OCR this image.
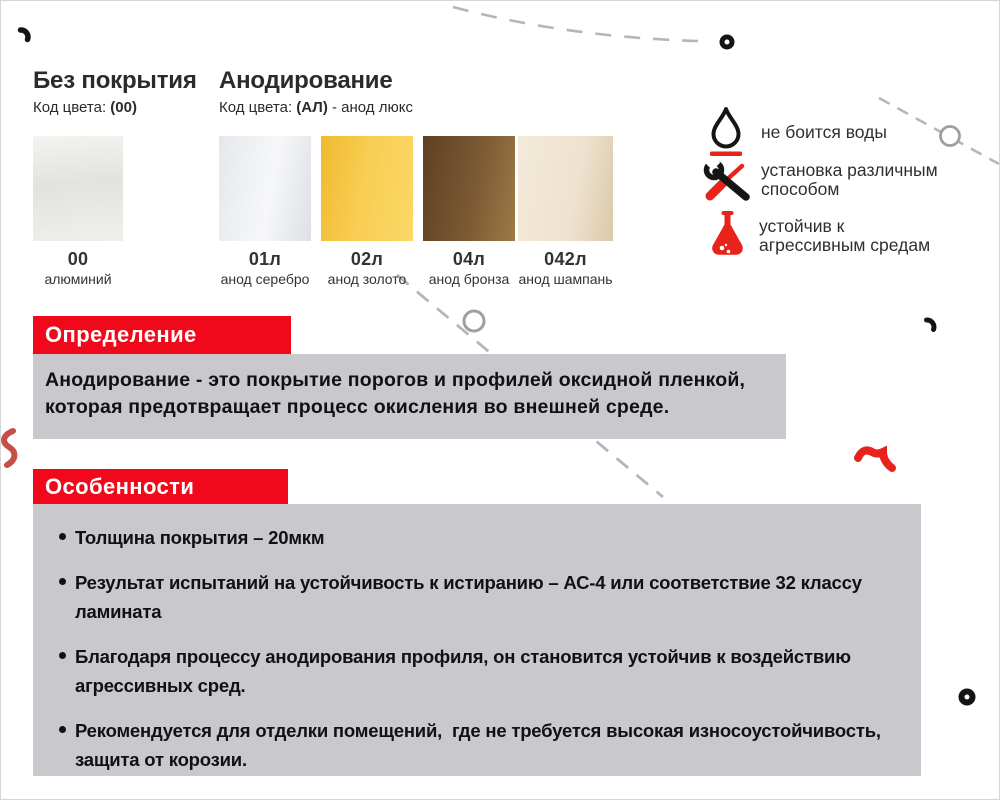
Без покрытия
Код цвета: (00)
Анодирование
Код цвета: (АЛ) - анод люкс
00
алюминий
01л
анод серебро
02л
анод золото
04л
анод бронза
042л
анод шампань
не боится воды
установка различным
способом
устойчив к
агрессивным средам
Определение
Анодирование - это покрытие порогов и профилей оксидной пленкой,
которая предотвращает процесс окисления во внешней среде.
Особенности
Толщина покрытия – 20мкм
Результат испытаний на устойчивость к истиранию – АС-4 или соответствие 32 классу
ламината
Благодаря процессу анодирования профиля, он становится устойчив к воздействию
агрессивных сред.
Рекомендуется для отделки помещений,  где не требуется высокая износоустойчивость,
защита от корозии.
